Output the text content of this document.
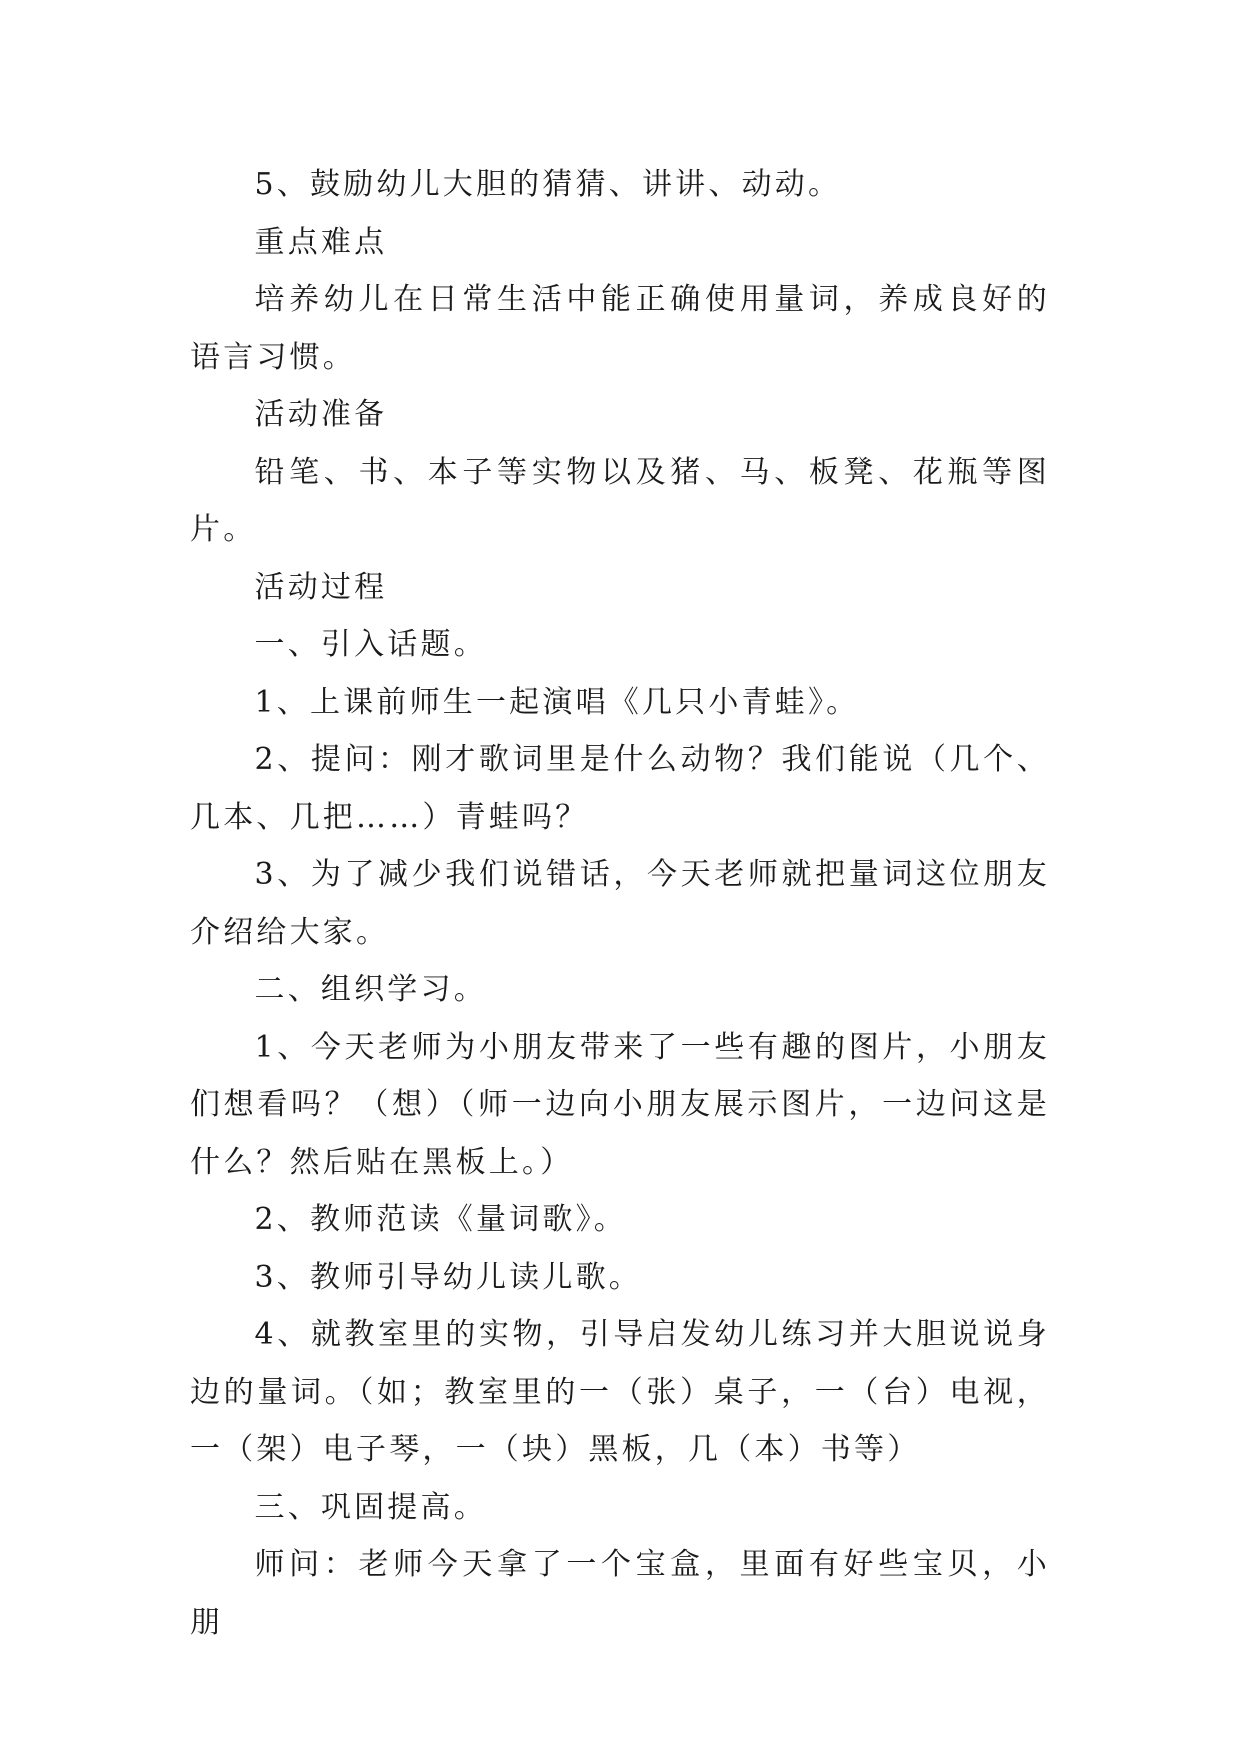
5、鼓励幼儿大胆的猜猜、讲讲、动动。

重点难点

培养幼儿在日常生活中能正确使用量词，养成良好的语言习惯。

活动准备

铅笔、书、本子等实物以及猪、马、板凳、花瓶等图片。

活动过程

一、引入话题。

1、上课前师生一起演唱《几只小青蛙》。

2、提问：刚才歌词里是什么动物？我们能说（几个、几本、几把……）青蛙吗？

3、为了减少我们说错话，今天老师就把量词这位朋友介绍给大家。

二、组织学习。

1、今天老师为小朋友带来了一些有趣的图片，小朋友们想看吗？（想）（师一边向小朋友展示图片，一边问这是什么？然后贴在黑板上。）

2、教师范读《量词歌》。

3、教师引导幼儿读儿歌。

4、就教室里的实物，引导启发幼儿练习并大胆说说身边的量词。（如；教室里的一（张）桌子，一（台）电视，一（架）电子琴，一（块）黑板，几（本）书等）

三、巩固提高。

师问：老师今天拿了一个宝盒，里面有好些宝贝，小朋
